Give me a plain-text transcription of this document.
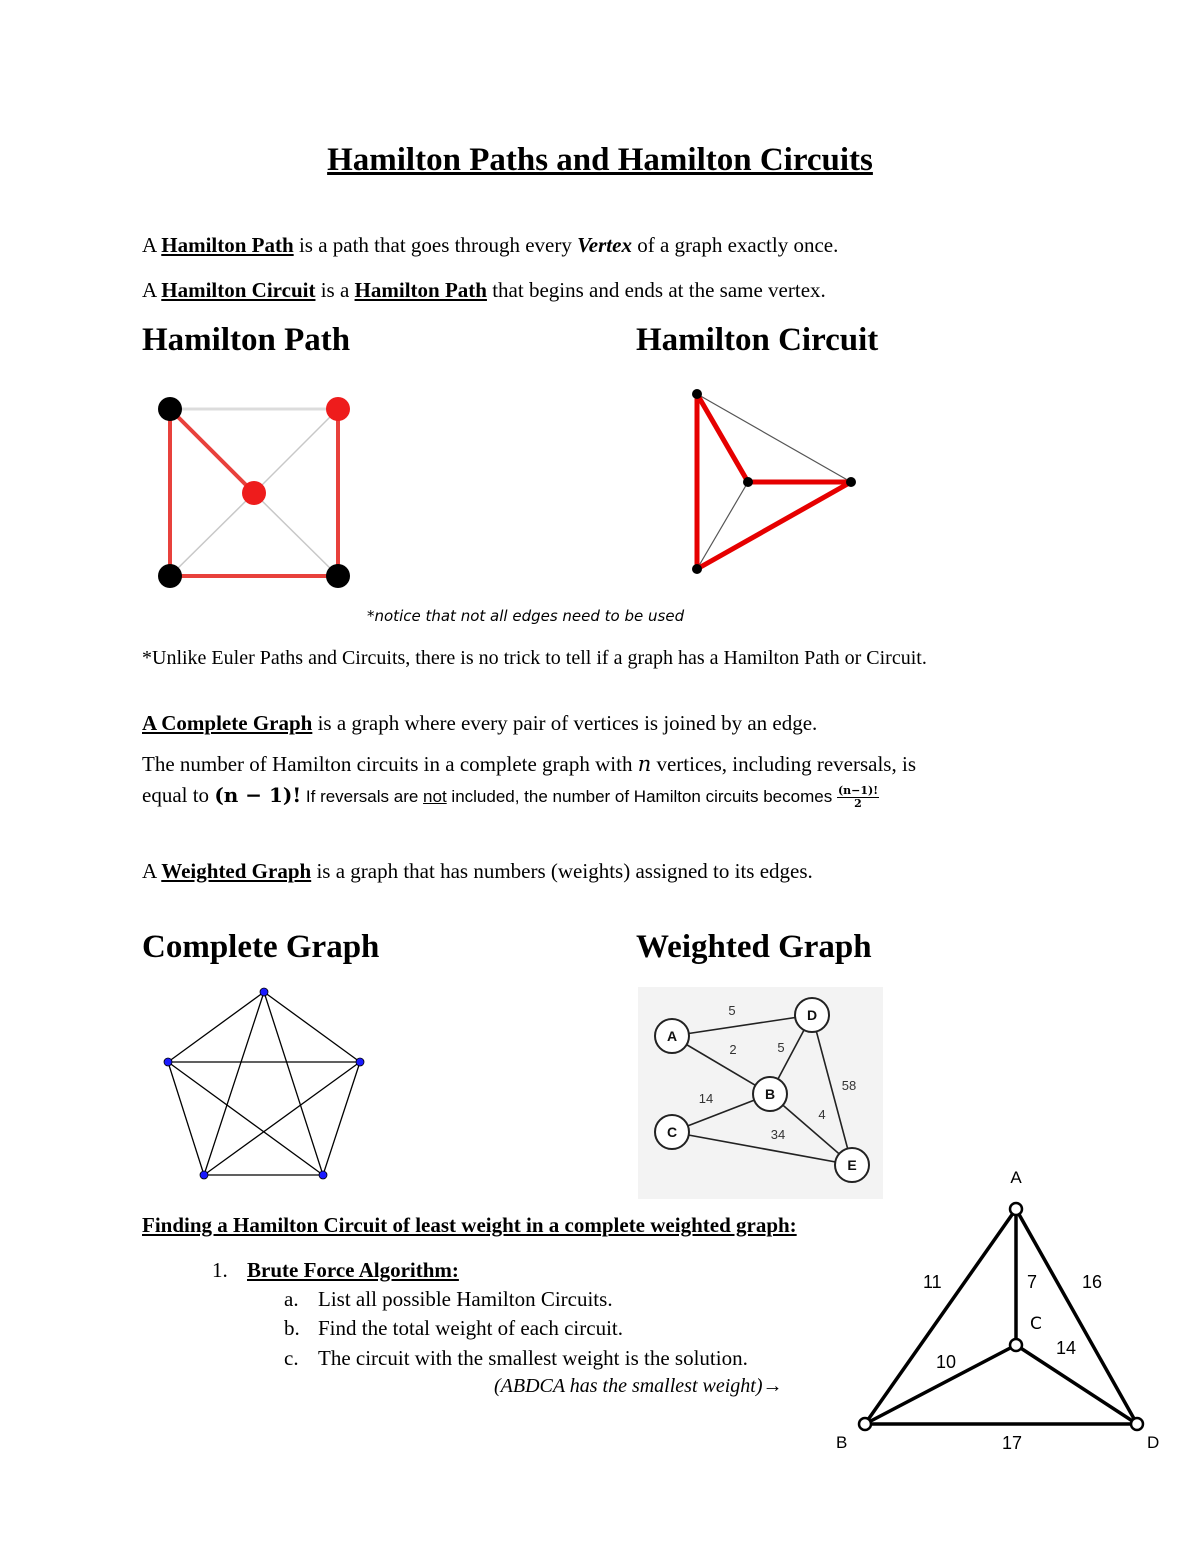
Hamilton Paths and Hamilton Circuits
A Hamilton Path is a path that goes through every Vertex of a graph exactly once.
A Hamilton Circuit is a Hamilton Path that begins and ends at the same vertex.
Hamilton Path	Hamilton Circuit
*notice that not all edges need to be used
*Unlike Euler Paths and Circuits, there is no trick to tell if a graph has a Hamilton Path or Circuit.
A Complete Graph is a graph where every pair of vertices is joined by an edge.
The number of Hamilton circuits in a complete graph with n vertices, including reversals, is
equal to (n − 1)! If reversals are not included, the number of Hamilton circuits becomes $\frac{(n-1)!}{2}$
A Weighted Graph is a graph that has numbers (weights) assigned to its edges.
Complete Graph	Weighted Graph
A
D
B
C
E
5
2	5
58
14
4
34
Finding a Hamilton Circuit of least weight in a complete weighted graph:
1. Brute Force Algorithm:
a. List all possible Hamilton Circuits.
b. Find the total weight of each circuit.
c. The circuit with the smallest weight is the solution.
(ABDCA has the smallest weight)→
A
B
C
D
11	7 16
10
14
17
